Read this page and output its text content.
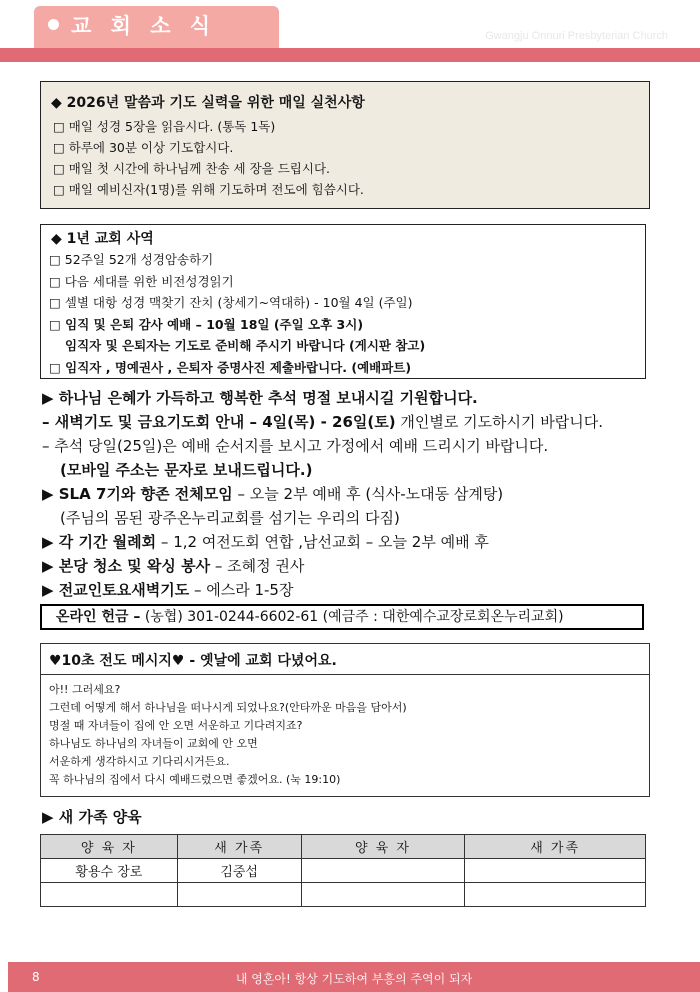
교 회 소 식	Gwangju Onnuri Presbyterian Church
◆ 2026년 말씀과 기도 실력을 위한 매일 실천사항
□ 매일 성경 5장을 읽읍시다. (통독 1독)
□ 하루에 30분 이상 기도합시다.
□ 매일 첫 시간에 하나님께 찬송 세 장을 드립시다.
□ 매일 예비신자(1명)를 위해 기도하며 전도에 힘씁시다.
◆ 1년 교회 사역
□ 52주일 52개 성경암송하기
□ 다음 세대를 위한 비전성경읽기
□ 셀별 대항 성경 맥찾기 잔치 (창세기~역대하) - 10월 4일 (주일)
□ 임직 및 은퇴 감사 예배 – 10월 18일 (주일 오후 3시)
임직자 및 은퇴자는 기도로 준비해 주시기 바랍니다 (게시판 참고)
□ 임직자 , 명예권사 , 은퇴자 증명사진 제출바랍니다. (예배파트)
▶ 하나님 은혜가 가득하고 행복한 추석 명절 보내시길 기원합니다.
– 새벽기도 및 금요기도회 안내 – 4일(목) - 26일(토) 개인별로 기도하시기 바랍니다.
– 추석 당일(25일)은 예배 순서지를 보시고 가정에서 예배 드리시기 바랍니다.
(모바일 주소는 문자로 보내드립니다.)
▶ SLA 7기와 향존 전체모임 – 오늘 2부 예배 후 (식사-노대동 삼계탕)
(주님의 몸된 광주온누리교회를 섬기는 우리의 다짐)
▶ 각 기간 월례회 – 1,2 여전도회 연합 ,남선교회 – 오늘 2부 예배 후
▶ 본당 청소 및 왁싱 봉사 – 조혜정 권사
▶ 전교인토요새벽기도 – 에스라 1-5장
온라인 헌금 – (농협) 301-0244-6602-61 (예금주 : 대한예수교장로회온누리교회)
♥10초 전도 메시지♥ - 옛날에 교회 다녔어요.
아!! 그러세요?
그런데 어떻게 해서 하나님을 떠나시게 되었나요?(안타까운 마음을 담아서)
명절 때 자녀들이 집에 안 오면 서운하고 기다려지죠?
하나님도 하나님의 자녀들이 교회에 안 오면
서운하게 생각하시고 기다리시거든요.
꼭 하나님의 집에서 다시 예배드렸으면 좋겠어요. (눅 19:10)
▶ 새 가족 양육
양 육 자	새 가족	양 육 자	새 가족
황용수 장로	김중섭		

8	내 영혼아! 항상 기도하여 부흥의 주역이 되자
